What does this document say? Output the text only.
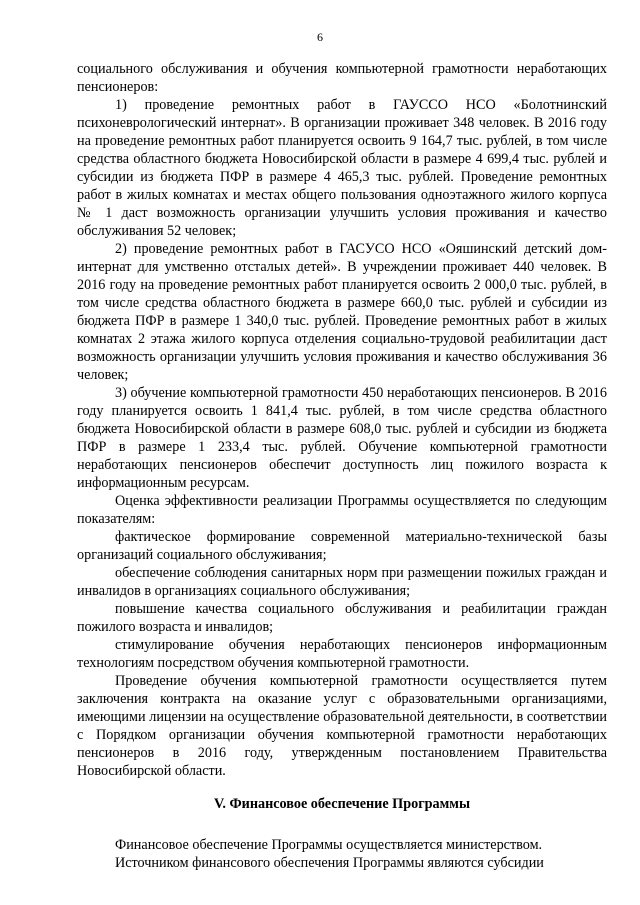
6

социального обслуживания и обучения компьютерной грамотности неработающих пенсионеров:

1) проведение ремонтных работ в ГАУССО НСО «Болотнинский психоневрологический интернат». В организации проживает 348 человек. В 2016 году на проведение ремонтных работ планируется освоить 9 164,7 тыс. рублей, в том числе средства областного бюджета Новосибирской области в размере 4 699,4 тыс. рублей и субсидии из бюджета ПФР в размере 4 465,3 тыс. рублей. Проведение ремонтных работ в жилых комнатах и местах общего пользования одноэтажного жилого корпуса № 1 даст возможность организации улучшить условия проживания и качество обслуживания 52 человек;

2) проведение ремонтных работ в ГАСУСО НСО «Ояшинский детский дом-интернат для умственно отсталых детей». В учреждении проживает 440 человек. В 2016 году на проведение ремонтных работ планируется освоить 2 000,0 тыс. рублей, в том числе средства областного бюджета в размере 660,0 тыс. рублей и субсидии из бюджета ПФР в размере 1 340,0 тыс. рублей. Проведение ремонтных работ в жилых комнатах 2 этажа жилого корпуса отделения социально-трудовой реабилитации даст возможность организации улучшить условия проживания и качество обслуживания 36 человек;

3) обучение компьютерной грамотности 450 неработающих пенсионеров. В 2016 году планируется освоить 1 841,4 тыс. рублей, в том числе средства областного бюджета Новосибирской области в размере 608,0 тыс. рублей и субсидии из бюджета ПФР в размере 1 233,4 тыс. рублей. Обучение компьютерной грамотности неработающих пенсионеров обеспечит доступность лиц пожилого возраста к информационным ресурсам.

Оценка эффективности реализации Программы осуществляется по следующим показателям:

фактическое формирование современной материально-технической базы организаций социального обслуживания;

обеспечение соблюдения санитарных норм при размещении пожилых граждан и инвалидов в организациях социального обслуживания;

повышение качества социального обслуживания и реабилитации граждан пожилого возраста и инвалидов;

стимулирование обучения неработающих пенсионеров информационным технологиям посредством обучения компьютерной грамотности.

Проведение обучения компьютерной грамотности осуществляется путем заключения контракта на оказание услуг с образовательными организациями, имеющими лицензии на осуществление образовательной деятельности, в соответствии с Порядком организации обучения компьютерной грамотности неработающих пенсионеров в 2016 году, утвержденным постановлением Правительства Новосибирской области.

V. Финансовое обеспечение Программы

Финансовое обеспечение Программы осуществляется министерством.

Источником финансового обеспечения Программы являются субсидии
